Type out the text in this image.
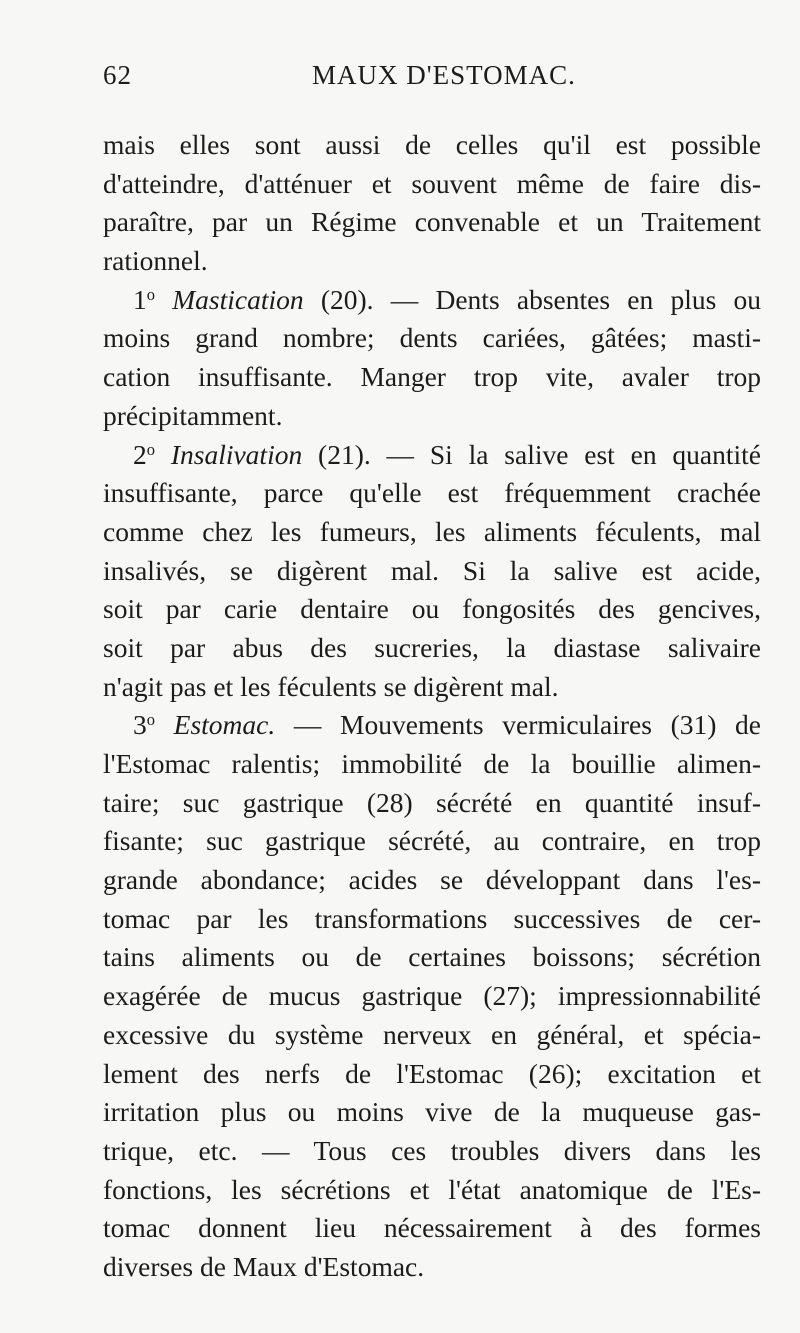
62	MAUX D'ESTOMAC.
mais elles sont aussi de celles qu'il est possible
d'atteindre, d'atténuer et souvent même de faire dis-
paraître, par un Régime convenable et un Traitement
rationnel.
1$^o$ Mastication (20). — Dents absentes en plus ou
moins grand nombre; dents cariées, gâtées; masti-
cation insuffisante. Manger trop vite, avaler trop
précipitamment.
2$^o$ Insalivation (21). — Si la salive est en quantité
insuffisante, parce qu'elle est fréquemment crachée
comme chez les fumeurs, les aliments féculents, mal
insalivés, se digèrent mal. Si la salive est acide,
soit par carie dentaire ou fongosités des gencives,
soit par abus des sucreries, la diastase salivaire
n'agit pas et les féculents se digèrent mal.
3$^o$ Estomac. — Mouvements vermiculaires (31) de
l'Estomac ralentis; immobilité de la bouillie alimen-
taire; suc gastrique (28) sécrété en quantité insuf-
fisante; suc gastrique sécrété, au contraire, en trop
grande abondance; acides se développant dans l'es-
tomac par les transformations successives de cer-
tains aliments ou de certaines boissons; sécrétion
exagérée de mucus gastrique (27); impressionnabilité
excessive du système nerveux en général, et spécia-
lement des nerfs de l'Estomac (26); excitation et
irritation plus ou moins vive de la muqueuse gas-
trique, etc. — Tous ces troubles divers dans les
fonctions, les sécrétions et l'état anatomique de l'Es-
tomac donnent lieu nécessairement à des formes
diverses de Maux d'Estomac.
